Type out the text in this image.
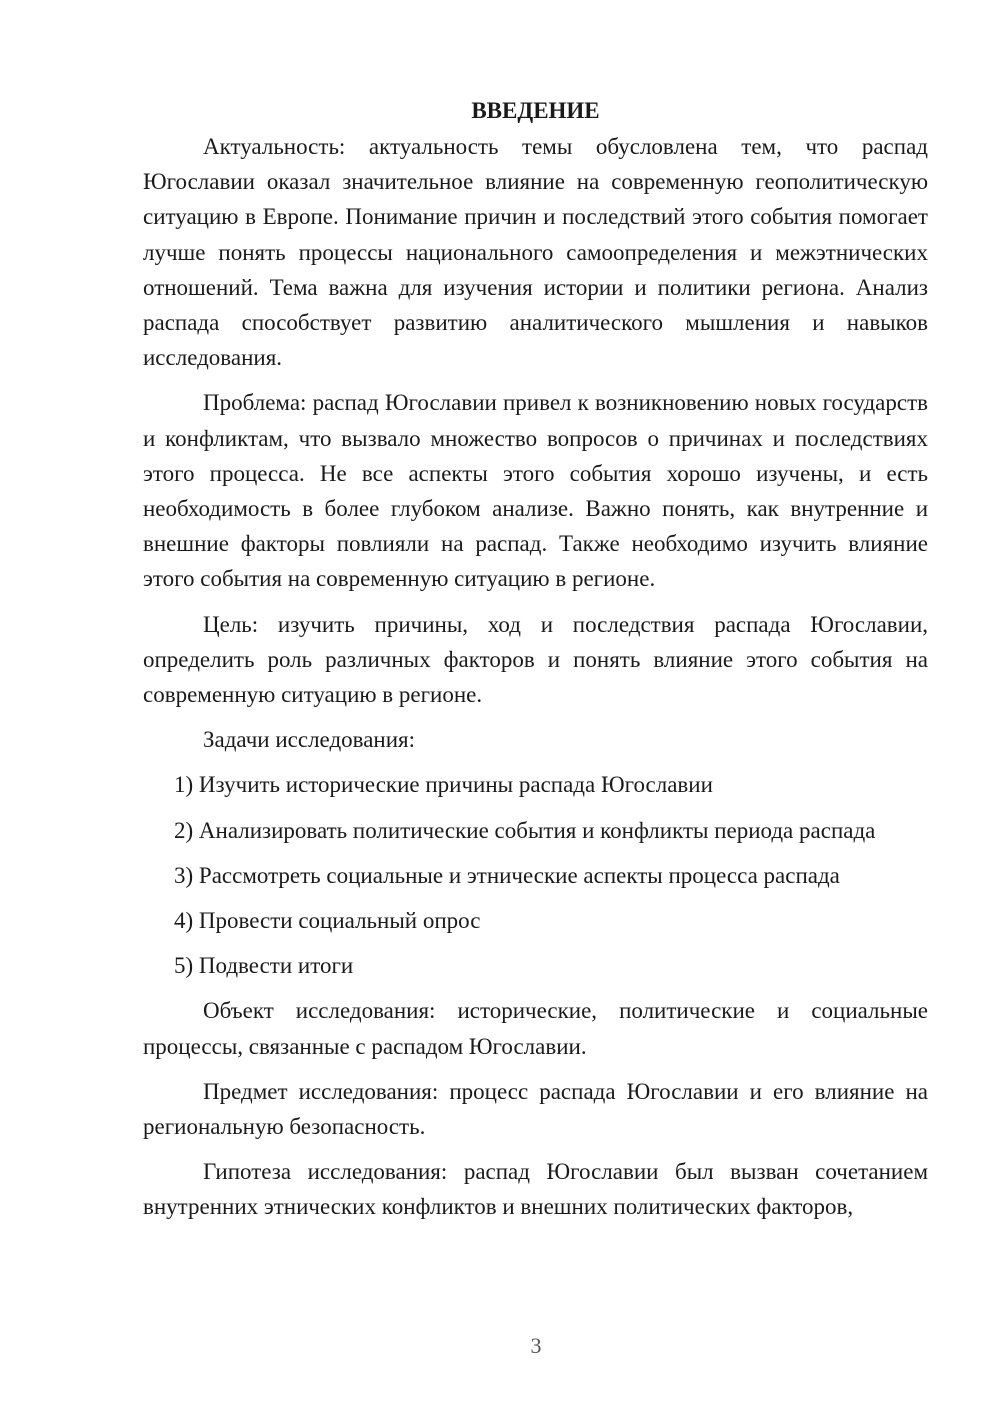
ВВЕДЕНИЕ

Актуальность: актуальность темы обусловлена тем, что распад Югославии оказал значительное влияние на современную геополитическую ситуацию в Европе. Понимание причин и последствий этого события помогает лучше понять процессы национального самоопределения и межэтнических отношений. Тема важна для изучения истории и политики региона. Анализ распада способствует развитию аналитического мышления и навыков исследования.

Проблема: распад Югославии привел к возникновению новых государств и конфликтам, что вызвало множество вопросов о причинах и последствиях этого процесса. Не все аспекты этого события хорошо изучены, и есть необходимость в более глубоком анализе. Важно понять, как внутренние и внешние факторы повлияли на распад. Также необходимо изучить влияние этого события на современную ситуацию в регионе.

Цель: изучить причины, ход и последствия распада Югославии, определить роль различных факторов и понять влияние этого события на современную ситуацию в регионе.

Задачи исследования:

1) Изучить исторические причины распада Югославии

2) Анализировать политические события и конфликты периода распада

3) Рассмотреть социальные и этнические аспекты процесса распада

4) Провести социальный опрос

5) Подвести итоги

Объект исследования: исторические, политические и социальные процессы, связанные с распадом Югославии.

Предмет исследования: процесс распада Югославии и его влияние на региональную безопасность.

Гипотеза исследования: распад Югославии был вызван сочетанием внутренних этнических конфликтов и внешних политических факторов,

3
